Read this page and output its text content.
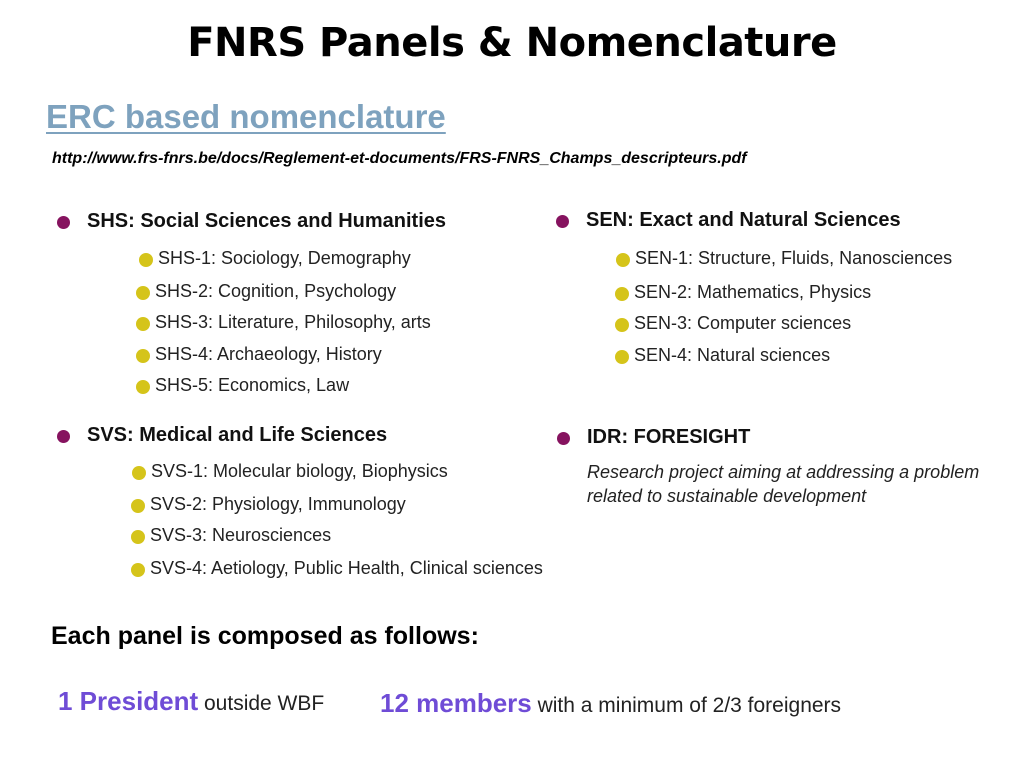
FNRS Panels & Nomenclature
ERC based nomenclature
http://www.frs-fnrs.be/docs/Reglement-et-documents/FRS-FNRS_Champs_descripteurs.pdf
SHS: Social Sciences and Humanities
SHS-1: Sociology, Demography
SHS-2: Cognition, Psychology
SHS-3: Literature, Philosophy, arts
SHS-4: Archaeology, History
SHS-5: Economics, Law
SEN: Exact and Natural Sciences
SEN-1: Structure, Fluids, Nanosciences
SEN-2: Mathematics, Physics
SEN-3: Computer sciences
SEN-4: Natural sciences
SVS: Medical and Life Sciences
SVS-1: Molecular biology, Biophysics
SVS-2: Physiology, Immunology
SVS-3: Neurosciences
SVS-4: Aetiology, Public Health, Clinical sciences
IDR: FORESIGHT
Research project aiming at addressing a problem related to sustainable development
Each panel is composed as follows:
1 President outside WBF 12 members with a minimum of 2/3 foreigners
